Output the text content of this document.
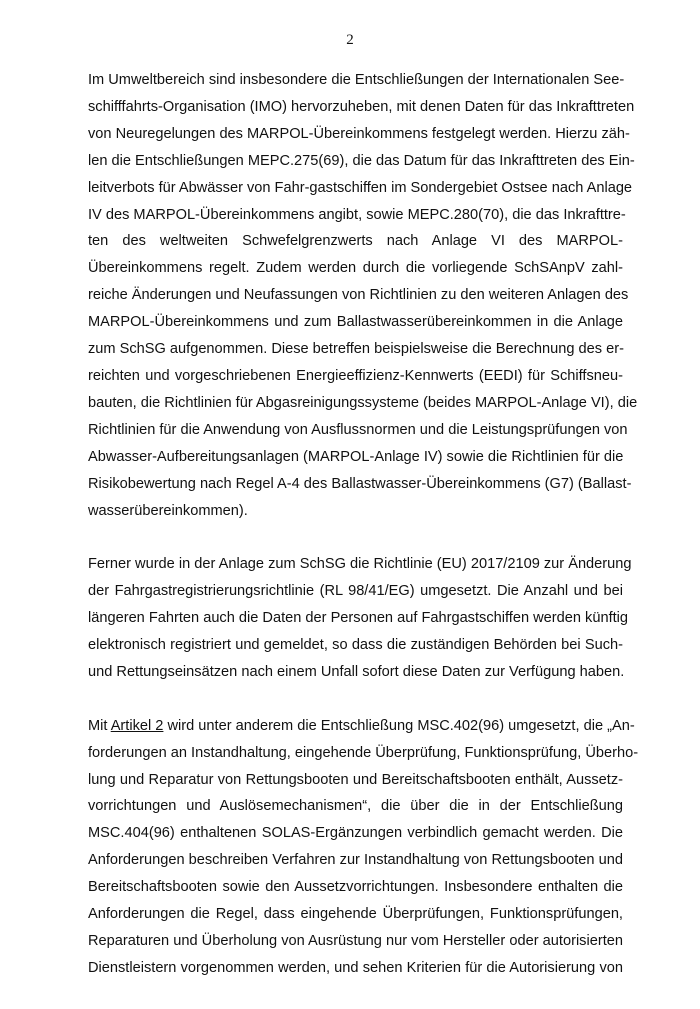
2
Im Umweltbereich sind insbesondere die Entschließungen der Internationalen See-
schifffahrts-Organisation (IMO) hervorzuheben, mit denen Daten für das Inkrafttreten
von Neuregelungen des MARPOL-Übereinkommens festgelegt werden. Hierzu zäh-
len die Entschließungen MEPC.275(69), die das Datum für das Inkrafttreten des Ein-
leitverbots für Abwässer von Fahr-gastschiffen im Sondergebiet Ostsee nach Anlage
IV des MARPOL-Übereinkommens angibt, sowie MEPC.280(70), die das Inkrafttre-
ten des weltweiten Schwefelgrenzwerts nach Anlage VI des MARPOL-
Übereinkommens regelt. Zudem werden durch die vorliegende SchSAnpV zahl-
reiche Änderungen und Neufassungen von Richtlinien zu den weiteren Anlagen des
MARPOL-Übereinkommens und zum Ballastwasserübereinkommen in die Anlage
zum SchSG aufgenommen. Diese betreffen beispielsweise die Berechnung des er-
reichten und vorgeschriebenen Energieeffizienz-Kennwerts (EEDI) für Schiffsneu-
bauten, die Richtlinien für Abgasreinigungssysteme (beides MARPOL-Anlage VI), die
Richtlinien für die Anwendung von Ausflussnormen und die Leistungsprüfungen von
Abwasser-Aufbereitungsanlagen (MARPOL-Anlage IV) sowie die Richtlinien für die
Risikobewertung nach Regel A-4 des Ballastwasser-Übereinkommens (G7) (Ballast-
wasserübereinkommen).
Ferner wurde in der Anlage zum SchSG die Richtlinie (EU) 2017/2109 zur Änderung
der Fahrgastregistrierungsrichtlinie (RL 98/41/EG) umgesetzt. Die Anzahl und bei
längeren Fahrten auch die Daten der Personen auf Fahrgastschiffen werden künftig
elektronisch registriert und gemeldet, so dass die zuständigen Behörden bei Such-
und Rettungseinsätzen nach einem Unfall sofort diese Daten zur Verfügung haben.
Mit Artikel 2 wird unter anderem die Entschließung MSC.402(96) umgesetzt, die „An-
forderungen an Instandhaltung, eingehende Überprüfung, Funktionsprüfung, Überho-
lung und Reparatur von Rettungsbooten und Bereitschaftsbooten enthält, Aussetz-
vorrichtungen und Auslösemechanismen“, die über die in der Entschließung
MSC.404(96) enthaltenen SOLAS-Ergänzungen verbindlich gemacht werden. Die
Anforderungen beschreiben Verfahren zur Instandhaltung von Rettungsbooten und
Bereitschaftsbooten sowie den Aussetzvorrichtungen. Insbesondere enthalten die
Anforderungen die Regel, dass eingehende Überprüfungen, Funktionsprüfungen,
Reparaturen und Überholung von Ausrüstung nur vom Hersteller oder autorisierten
Dienstleistern vorgenommen werden, und sehen Kriterien für die Autorisierung von
